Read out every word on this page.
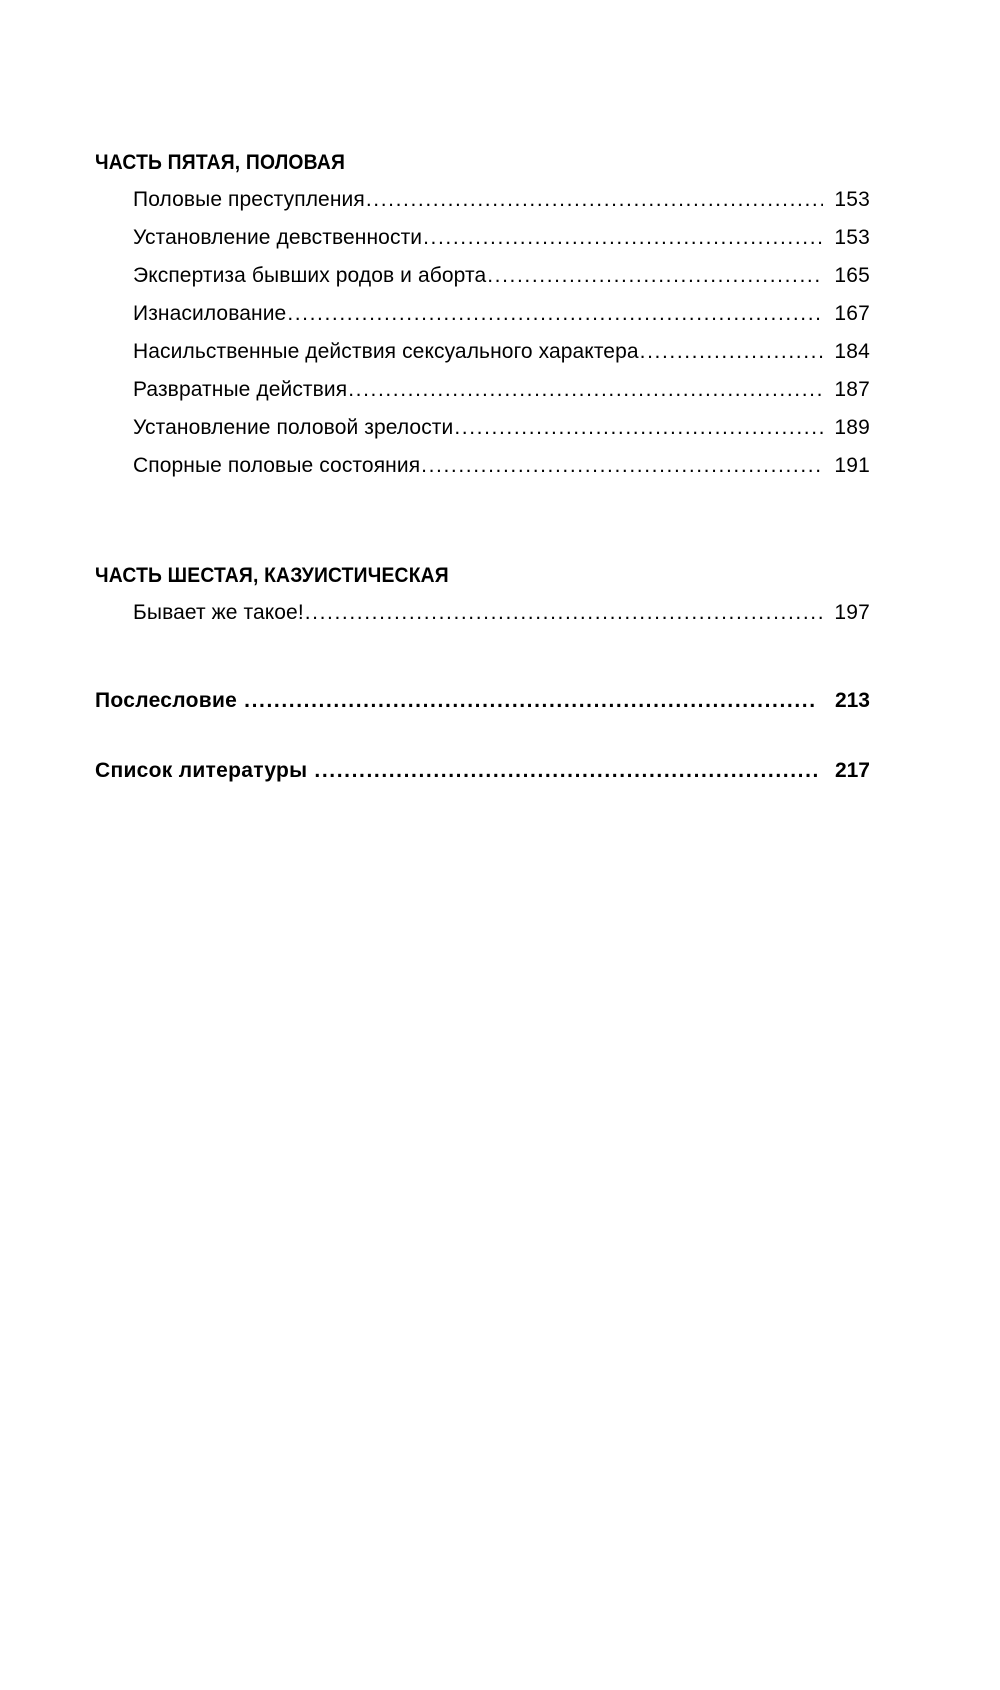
ЧАСТЬ ПЯТАЯ, ПОЛОВАЯ
Половые преступления .....	153
Установление девственности .....	153
Экспертиза бывших родов и аборта .....	165
Изнасилование .....	167
Насильственные действия сексуального характера .....	184
Развратные действия .....	187
Установление половой зрелости .....	189
Спорные половые состояния .....	191
ЧАСТЬ ШЕСТАЯ, КАЗУИСТИЧЕСКАЯ
Бывает же такое! .....	197
Послесловие .....	213
Список литературы .....	217
